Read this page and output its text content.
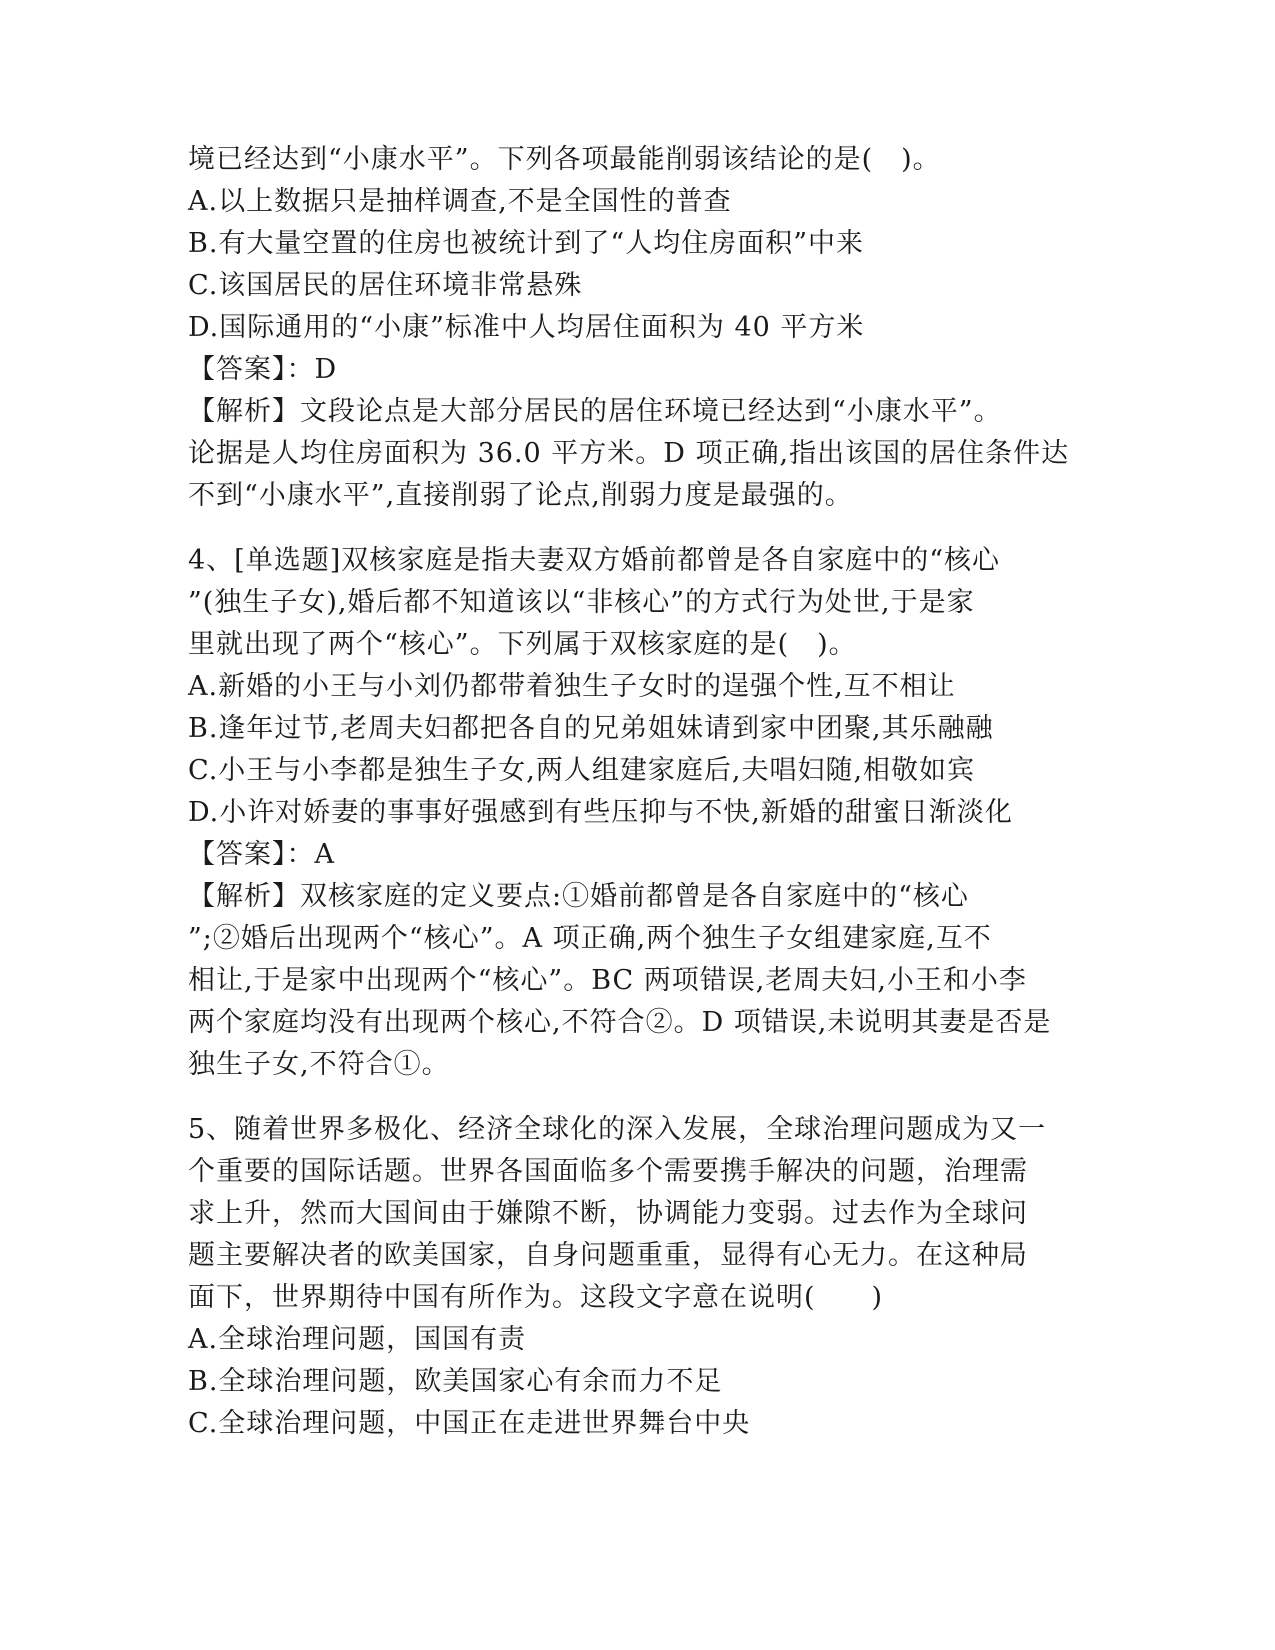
境已经达到“小康水平”。下列各项最能削弱该结论的是(　)。
A.以上数据只是抽样调查,不是全国性的普查
B.有大量空置的住房也被统计到了“人均住房面积”中来
C.该国居民的居住环境非常悬殊
D.国际通用的“小康”标准中人均居住面积为 40 平方米
【答案】：D
【解析】文段论点是大部分居民的居住环境已经达到“小康水平”。
论据是人均住房面积为 36.0 平方米。D 项正确,指出该国的居住条件达
不到“小康水平”,直接削弱了论点,削弱力度是最强的。
4、[单选题]双核家庭是指夫妻双方婚前都曾是各自家庭中的“核心
”(独生子女),婚后都不知道该以“非核心”的方式行为处世,于是家
里就出现了两个“核心”。下列属于双核家庭的是(　)。
A.新婚的小王与小刘仍都带着独生子女时的逞强个性,互不相让
B.逢年过节,老周夫妇都把各自的兄弟姐妹请到家中团聚,其乐融融
C.小王与小李都是独生子女,两人组建家庭后,夫唱妇随,相敬如宾
D.小许对娇妻的事事好强感到有些压抑与不快,新婚的甜蜜日渐淡化
【答案】：A
【解析】双核家庭的定义要点:①婚前都曾是各自家庭中的“核心
”;②婚后出现两个“核心”。A 项正确,两个独生子女组建家庭,互不
相让,于是家中出现两个“核心”。BC 两项错误,老周夫妇,小王和小李
两个家庭均没有出现两个核心,不符合②。D 项错误,未说明其妻是否是
独生子女,不符合①。
5、随着世界多极化、经济全球化的深入发展，全球治理问题成为又一
个重要的国际话题。世界各国面临多个需要携手解决的问题，治理需
求上升，然而大国间由于嫌隙不断，协调能力变弱。过去作为全球问
题主要解决者的欧美国家，自身问题重重，显得有心无力。在这种局
面下，世界期待中国有所作为。这段文字意在说明(　　)
A.全球治理问题，国国有责
B.全球治理问题，欧美国家心有余而力不足
C.全球治理问题，中国正在走进世界舞台中央
